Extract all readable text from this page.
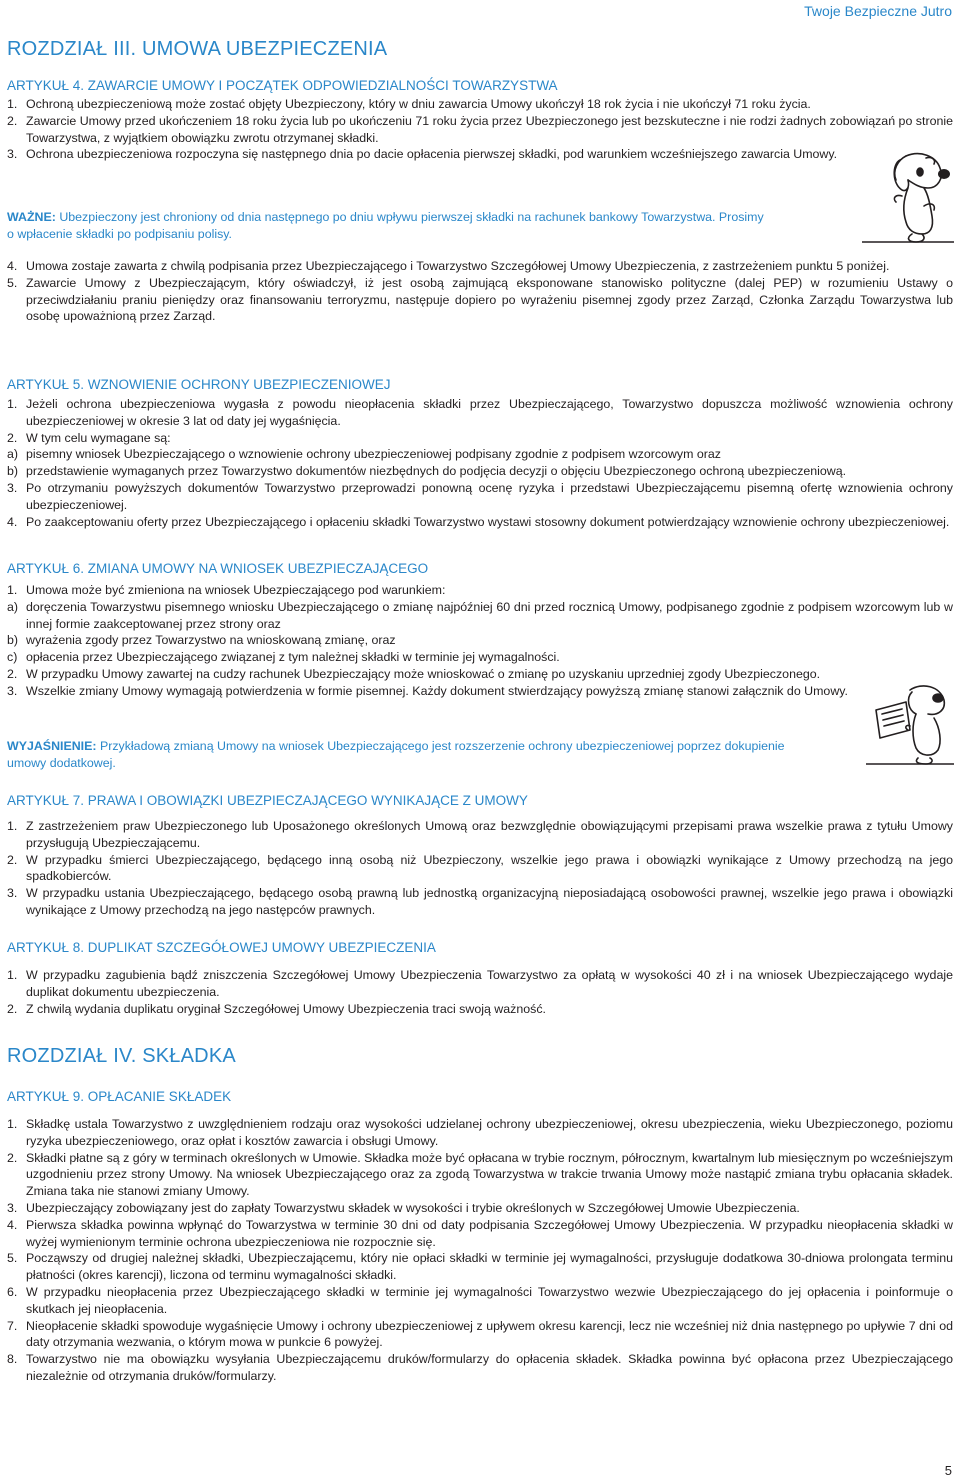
Twoje Bezpieczne Jutro
ROZDZIAŁ III. UMOWA UBEZPIECZENIA
ARTYKUŁ 4. ZAWARCIE UMOWY I POCZĄTEK ODPOWIEDZIALNOŚCI TOWARZYSTWA
1. Ochroną ubezpieczeniową może zostać objęty Ubezpieczony, który w dniu zawarcia Umowy ukończył 18 rok życia i nie ukończył 71 roku życia.
2. Zawarcie Umowy przed ukończeniem 18 roku życia lub po ukończeniu 71 roku życia przez Ubezpieczonego jest bezskuteczne i nie rodzi żadnych zobowiązań po stronie Towarzystwa, z wyjątkiem obowiązku zwrotu otrzymanej składki.
3. Ochrona ubezpieczeniowa rozpoczyna się następnego dnia po dacie opłacenia pierwszej składki, pod warunkiem wcześniejszego zawarcia Umowy.
WAŻNE: Ubezpieczony jest chroniony od dnia następnego po dniu wpływu pierwszej składki na rachunek bankowy Towarzystwa. Prosimy
o wpłacenie składki po podpisaniu polisy.
4. Umowa zostaje zawarta z chwilą podpisania przez Ubezpieczającego i Towarzystwo Szczegółowej Umowy Ubezpieczenia, z zastrzeżeniem punktu 5 poniżej.
5. Zawarcie Umowy z Ubezpieczającym, który oświadczył, iż jest osobą zajmującą eksponowane stanowisko polityczne (dalej PEP) w rozumieniu Ustawy o przeciwdziałaniu praniu pieniędzy oraz finansowaniu terroryzmu, następuje dopiero po wyrażeniu pisemnej zgody przez Zarząd, Członka Zarządu Towarzystwa lub osobę upoważnioną przez Zarząd.
ARTYKUŁ 5. WZNOWIENIE OCHRONY UBEZPIECZENIOWEJ
1. Jeżeli ochrona ubezpieczeniowa wygasła z powodu nieopłacenia składki przez Ubezpieczającego, Towarzystwo dopuszcza możliwość wznowienia ochrony ubezpieczeniowej w okresie 3 lat od daty jej wygaśnięcia.
2. W tym celu wymagane są:
a) pisemny wniosek Ubezpieczającego o wznowienie ochrony ubezpieczeniowej podpisany zgodnie z podpisem wzorcowym oraz
b) przedstawienie wymaganych przez Towarzystwo dokumentów niezbędnych do podjęcia decyzji o objęciu Ubezpieczonego ochroną ubezpieczeniową.
3. Po otrzymaniu powyższych dokumentów Towarzystwo przeprowadzi ponowną ocenę ryzyka i przedstawi Ubezpieczającemu pisemną ofertę wznowienia ochrony ubezpieczeniowej.
4. Po zaakceptowaniu oferty przez Ubezpieczającego i opłaceniu składki Towarzystwo wystawi stosowny dokument potwierdzający wznowienie ochrony ubezpieczeniowej.
ARTYKUŁ 6. ZMIANA UMOWY NA WNIOSEK UBEZPIECZAJĄCEGO
1. Umowa może być zmieniona na wniosek Ubezpieczającego pod warunkiem:
a) doręczenia Towarzystwu pisemnego wniosku Ubezpieczającego o zmianę najpóźniej 60 dni przed rocznicą Umowy, podpisanego zgodnie z podpisem wzorcowym lub w innej formie zaakceptowanej przez strony oraz
b) wyrażenia zgody przez Towarzystwo na wnioskowaną zmianę, oraz
c) opłacenia przez Ubezpieczającego związanej z tym należnej składki w terminie jej wymagalności.
2. W przypadku Umowy zawartej na cudzy rachunek Ubezpieczający może wnioskować o zmianę po uzyskaniu uprzedniej zgody Ubezpieczonego.
3. Wszelkie zmiany Umowy wymagają potwierdzenia w formie pisemnej. Każdy dokument stwierdzający powyższą zmianę stanowi załącznik do Umowy.
WYJAŚNIENIE: Przykładową zmianą Umowy na wniosek Ubezpieczającego jest rozszerzenie ochrony ubezpieczeniowej poprzez dokupienie
umowy dodatkowej.
ARTYKUŁ 7. PRAWA I OBOWIĄZKI UBEZPIECZAJĄCEGO WYNIKAJĄCE Z UMOWY
1. Z zastrzeżeniem praw Ubezpieczonego lub Uposażonego określonych Umową oraz bezwzględnie obowiązującymi przepisami prawa wszelkie prawa z tytułu Umowy przysługują Ubezpieczającemu.
2. W przypadku śmierci Ubezpieczającego, będącego inną osobą niż Ubezpieczony, wszelkie jego prawa i obowiązki wynikające z Umowy przechodzą na jego spadkobierców.
3. W przypadku ustania Ubezpieczającego, będącego osobą prawną lub jednostką organizacyjną nieposiadającą osobowości prawnej, wszelkie jego prawa i obowiązki wynikające z Umowy przechodzą na jego następców prawnych.
ARTYKUŁ 8. DUPLIKAT SZCZEGÓŁOWEJ UMOWY UBEZPIECZENIA
1. W przypadku zagubienia bądź zniszczenia Szczegółowej Umowy Ubezpieczenia Towarzystwo za opłatą w wysokości 40 zł i na wniosek Ubezpieczającego wydaje duplikat dokumentu ubezpieczenia.
2. Z chwilą wydania duplikatu oryginał Szczegółowej Umowy Ubezpieczenia traci swoją ważność.
ROZDZIAŁ IV. SKŁADKA
ARTYKUŁ 9. OPŁACANIE SKŁADEK
1. Składkę ustala Towarzystwo z uwzględnieniem rodzaju oraz wysokości udzielanej ochrony ubezpieczeniowej, okresu ubezpieczenia, wieku Ubezpieczonego, poziomu ryzyka ubezpieczeniowego, oraz opłat i kosztów zawarcia i obsługi Umowy.
2. Składki płatne są z góry w terminach określonych w Umowie. Składka może być opłacana w trybie rocznym, półrocznym, kwartalnym lub miesięcznym po wcześniejszym uzgodnieniu przez strony Umowy. Na wniosek Ubezpieczającego oraz za zgodą Towarzystwa w trakcie trwania Umowy może nastąpić zmiana trybu opłacania składek. Zmiana taka nie stanowi zmiany Umowy.
3. Ubezpieczający zobowiązany jest do zapłaty Towarzystwu składek w wysokości i trybie określonych w Szczegółowej Umowie Ubezpieczenia.
4. Pierwsza składka powinna wpłynąć do Towarzystwa w terminie 30 dni od daty podpisania Szczegółowej Umowy Ubezpieczenia. W przypadku nieopłacenia składki w wyżej wymienionym terminie ochrona ubezpieczeniowa nie rozpocznie się.
5. Począwszy od drugiej należnej składki, Ubezpieczającemu, który nie opłaci składki w terminie jej wymagalności, przysługuje dodatkowa 30-dniowa prolongata terminu płatności (okres karencji), liczona od terminu wymagalności składki.
6. W przypadku nieopłacenia przez Ubezpieczającego składki w terminie jej wymagalności Towarzystwo wezwie Ubezpieczającego do jej opłacenia i poinformuje o skutkach jej nieopłacenia.
7. Nieopłacenie składki spowoduje wygaśnięcie Umowy i ochrony ubezpieczeniowej z upływem okresu karencji, lecz nie wcześniej niż dnia następnego po upływie 7 dni od daty otrzymania wezwania, o którym mowa w punkcie 6 powyżej.
8. Towarzystwo nie ma obowiązku wysyłania Ubezpieczającemu druków/formularzy do opłacenia składek. Składka powinna być opłacona przez Ubezpieczającego niezależnie od otrzymania druków/formularzy.
5
